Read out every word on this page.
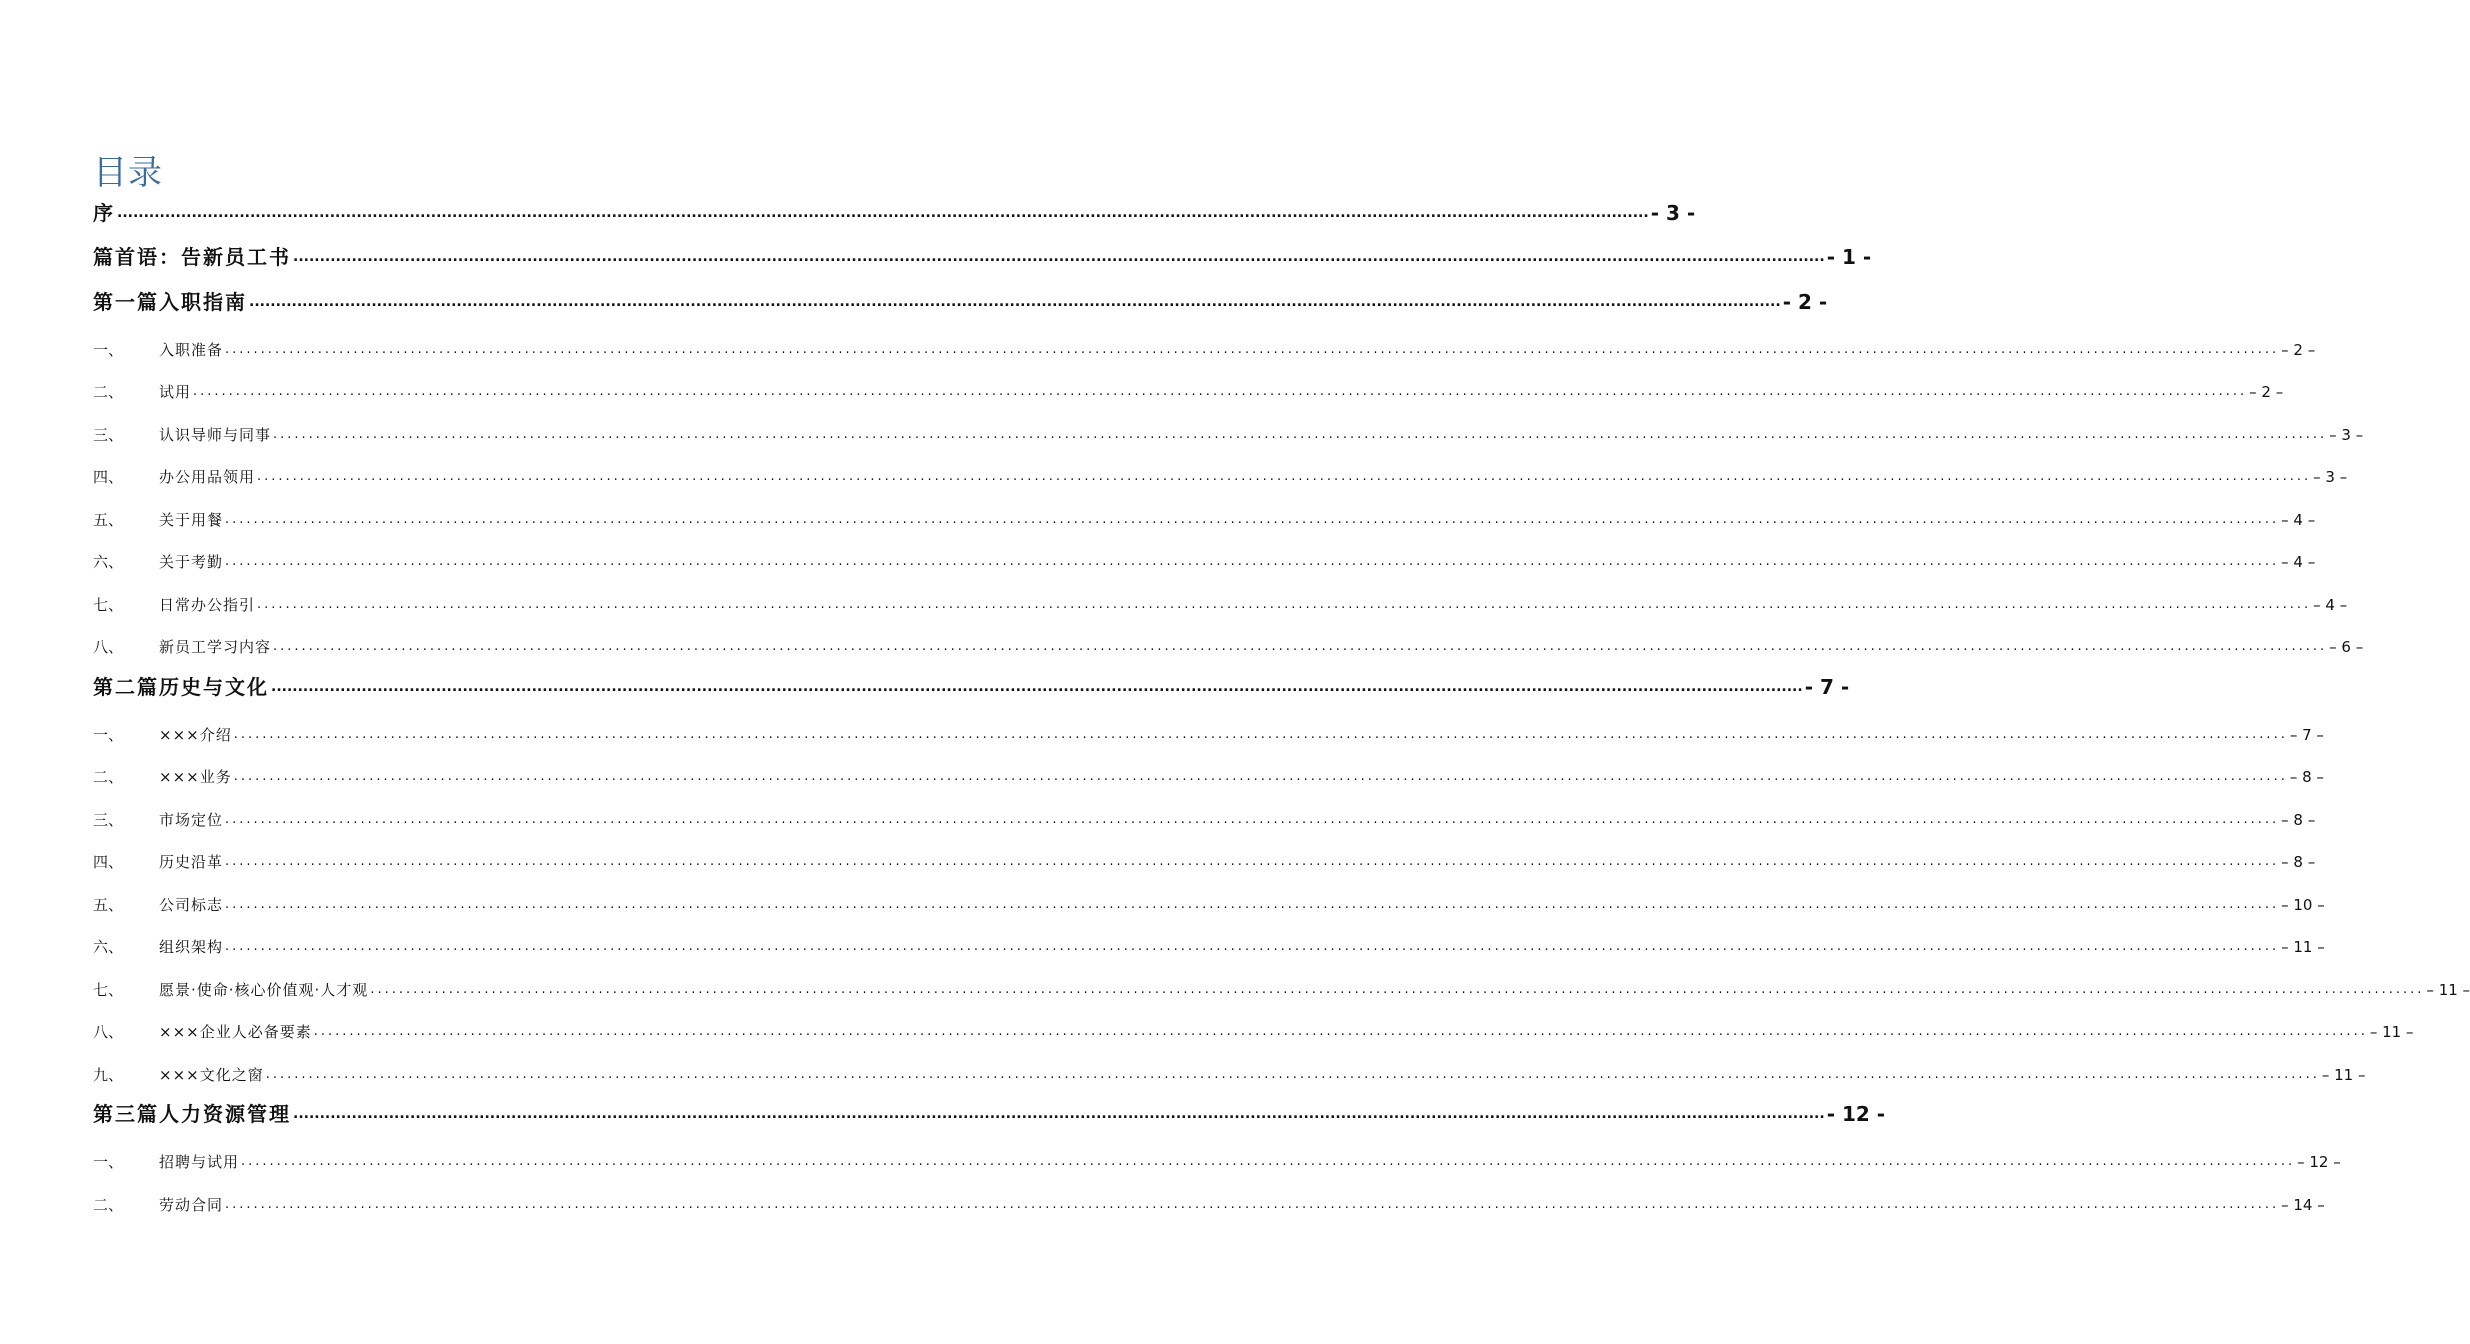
目录
序 ................................................................................................................................................................................................................................................................................................ - 3 -
篇首语：告新员工书 ................................................................................................................................................................................................................................................................................................ - 1 -
第一篇入职指南 ................................................................................................................................................................................................................................................................................................ - 2 -
一、	入职准备 ................................................................................................................................................................................................................................................................................................ – 2 –
二、	试用 ................................................................................................................................................................................................................................................................................................ – 2 –
三、	认识导师与同事 ................................................................................................................................................................................................................................................................................................ – 3 –
四、	办公用品领用 ................................................................................................................................................................................................................................................................................................ – 3 –
五、	关于用餐 ................................................................................................................................................................................................................................................................................................ – 4 –
六、	关于考勤 ................................................................................................................................................................................................................................................................................................ – 4 –
七、	日常办公指引 ................................................................................................................................................................................................................................................................................................ – 4 –
八、	新员工学习内容 ................................................................................................................................................................................................................................................................................................ – 6 –
第二篇历史与文化 ................................................................................................................................................................................................................................................................................................ - 7 -
一、	×××介绍 ................................................................................................................................................................................................................................................................................................ – 7 –
二、	×××业务 ................................................................................................................................................................................................................................................................................................ – 8 –
三、	市场定位 ................................................................................................................................................................................................................................................................................................ – 8 –
四、	历史沿革 ................................................................................................................................................................................................................................................................................................ – 8 –
五、	公司标志 ................................................................................................................................................................................................................................................................................................ – 10 –
六、	组织架构 ................................................................................................................................................................................................................................................................................................ – 11 –
七、	愿景·使命·核心价值观·人才观 ................................................................................................................................................................................................................................................................................................ – 11 –
八、	×××企业人必备要素 ................................................................................................................................................................................................................................................................................................ – 11 –
九、	×××文化之窗 ................................................................................................................................................................................................................................................................................................ – 11 –
第三篇人力资源管理 ................................................................................................................................................................................................................................................................................................ - 12 -
一、	招聘与试用 ................................................................................................................................................................................................................................................................................................ – 12 –
二、	劳动合同 ................................................................................................................................................................................................................................................................................................ – 14 –
